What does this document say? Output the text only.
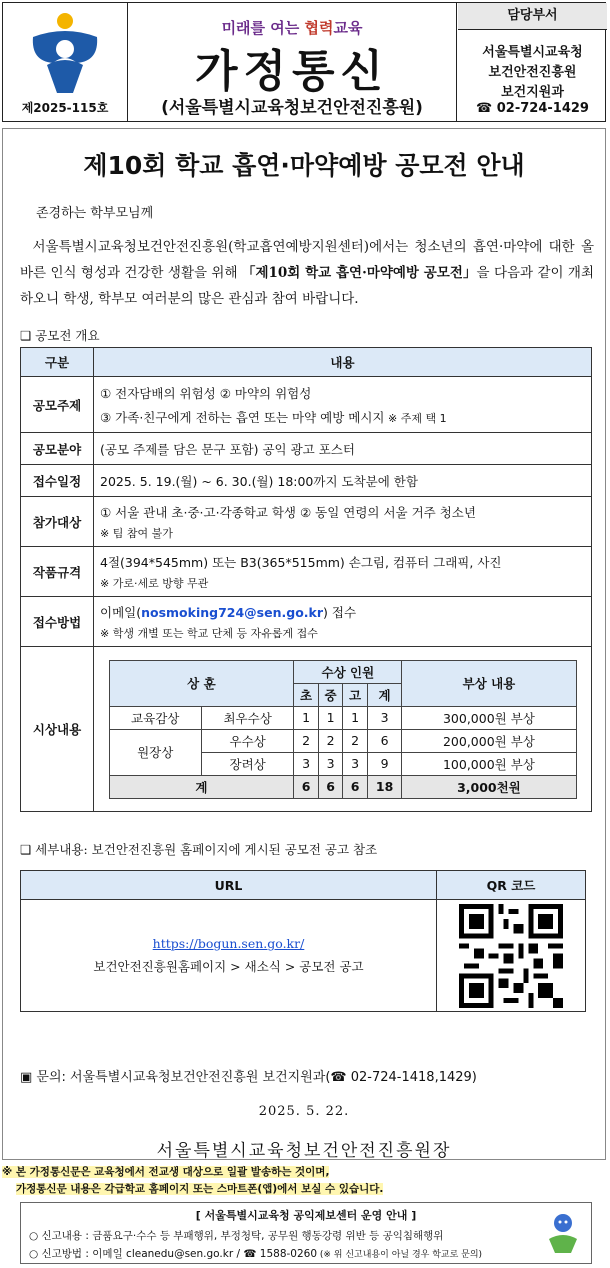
제2025-115호
미래를 여는 협력교육
가정통신
(서울특별시교육청보건안전진흥원)
담당부서
서울특별시교육청
보건안전진흥원
보건지원과
☎ 02-724-1429
제10회 학교 흡연·마약예방 공모전 안내
존경하는 학부모님께
서울특별시교육청보건안전진흥원(학교흡연예방지원센터)에서는 청소년의 흡연·마약에 대한 올바른 인식 형성과 건강한 생활을 위해 「제10회 학교 흡연·마약예방 공모전」을 다음과 같이 개최하오니 학생, 학부모 여러분의 많은 관심과 참여 바랍니다.
❑ 공모전 개요
구분	내용
공모주제	
① 전자담배의 위험성 ② 마약의 위험성
③ 가족·친구에게 전하는 흡연 또는 마약 예방 메시지 ※ 주제 택 1

공모분야	(공모 주제를 담은 문구 포함) 공익 광고 포스터
접수일정	2025. 5. 19.(월) ~ 6. 30.(월) 18:00까지 도착분에 한함
참가대상	
① 서울 관내 초·중·고·각종학교 학생 ② 동일 연령의 서울 거주 청소년
※ 팀 참여 불가

작품규격	
4절(394*545mm) 또는 B3(365*515mm) 손그림, 컴퓨터 그래픽, 사진
※ 가로·세로 방향 무관

접수방법	
이메일(nosmoking724@sen.go.kr) 접수
※ 학생 개별 또는 학교 단체 등 자유롭게 접수

시상내용	
상 훈	수상 인원	부상 내용
초	중	고	계
교육감상	최우수상	1	1	1	3	300,000원 부상
원장상	우수상	2	2	2	6	200,000원 부상
장려상	3	3	3	9	100,000원 부상
계	6	6	6	18	3,000천원
❑ 세부내용: 보건안전진흥원 홈페이지에 게시된 공모전 공고 참조
URL	QR 코드

https://bogun.sen.go.kr/
보건안전진흥원홈페이지 > 새소식 > 공모전 공고

▣ 문의: 서울특별시교육청보건안전진흥원 보건지원과(☎ 02-724-1418,1429)
2025. 5. 22.
서울특별시교육청보건안전진흥원장
※ 본 가정통신문은 교육청에서 전교생 대상으로 일괄 발송하는 것이며,
가정통신문 내용은 각급학교 홈페이지 또는 스마트폰(앱)에서 보실 수 있습니다.
[ 서울특별시교육청 공익제보센터 운영 안내 ]
○ 신고내용 : 금품요구·수수 등 부패행위, 부정청탁, 공무원 행동강령 위반 등 공익침해행위
○ 신고방법 : 이메일 cleanedu@sen.go.kr / ☎ 1588-0260 (※ 위 신고내용이 아닐 경우 학교로 문의)
